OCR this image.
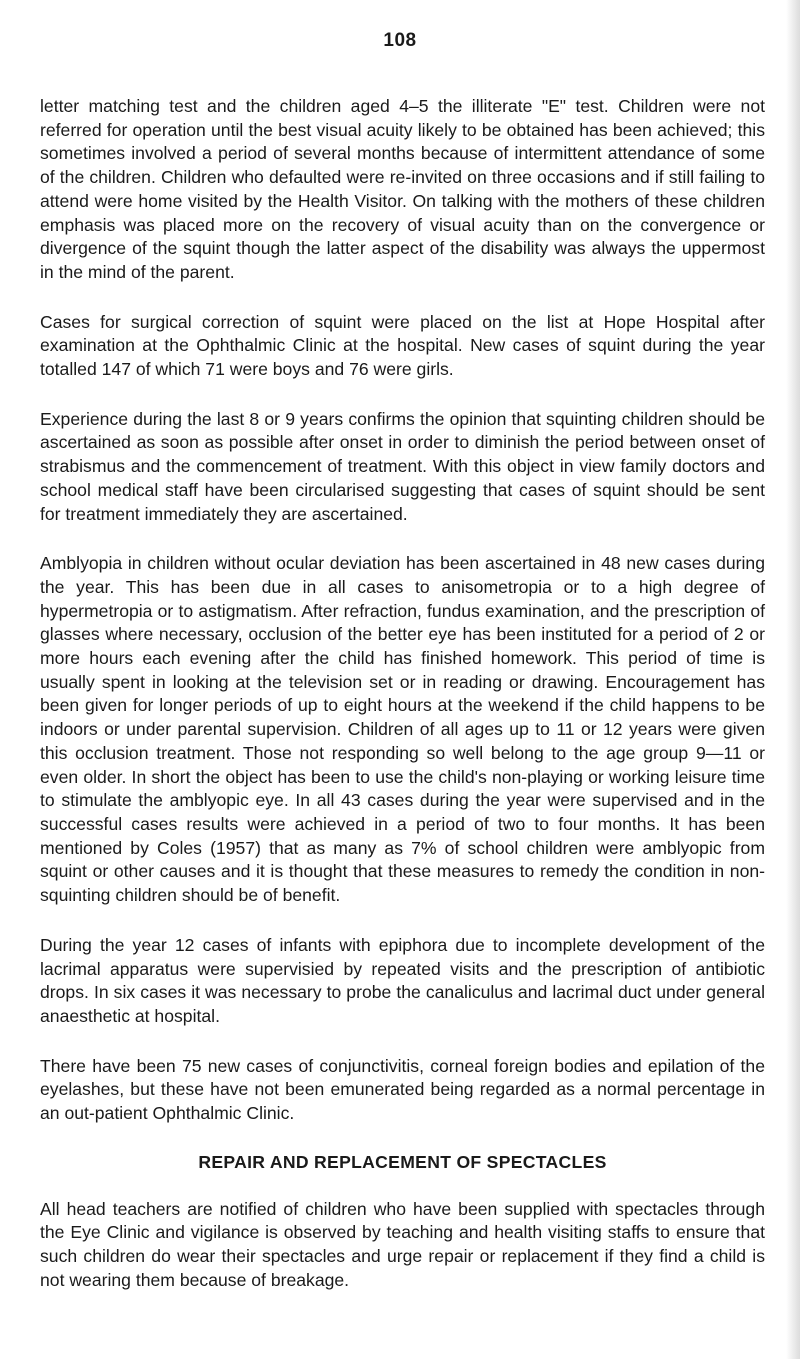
108

letter matching test and the children aged 4–5 the illiterate "E" test. Children were not referred for operation until the best visual acuity likely to be obtained has been achieved; this sometimes involved a period of several months because of intermittent attendance of some of the children. Children who defaulted were re-invited on three occasions and if still failing to attend were home visited by the Health Visitor. On talking with the mothers of these children emphasis was placed more on the recovery of visual acuity than on the convergence or divergence of the squint though the latter aspect of the disability was always the uppermost in the mind of the parent.

Cases for surgical correction of squint were placed on the list at Hope Hospital after examination at the Ophthalmic Clinic at the hospital. New cases of squint during the year totalled 147 of which 71 were boys and 76 were girls.

Experience during the last 8 or 9 years confirms the opinion that squinting children should be ascertained as soon as possible after onset in order to diminish the period between onset of strabismus and the commencement of treatment. With this object in view family doctors and school medical staff have been circularised suggesting that cases of squint should be sent for treatment immediately they are ascertained.

Amblyopia in children without ocular deviation has been ascertained in 48 new cases during the year. This has been due in all cases to anisometropia or to a high degree of hypermetropia or to astigmatism. After refraction, fundus examination, and the prescription of glasses where necessary, occlusion of the better eye has been instituted for a period of 2 or more hours each evening after the child has finished homework. This period of time is usually spent in looking at the television set or in reading or drawing. Encouragement has been given for longer periods of up to eight hours at the weekend if the child happens to be indoors or under parental supervision. Children of all ages up to 11 or 12 years were given this occlusion treatment. Those not responding so well belong to the age group 9—11 or even older. In short the object has been to use the child's non-playing or working leisure time to stimulate the amblyopic eye. In all 43 cases during the year were supervised and in the successful cases results were achieved in a period of two to four months. It has been mentioned by Coles (1957) that as many as 7% of school children were amblyopic from squint or other causes and it is thought that these measures to remedy the condition in non-squinting children should be of benefit.

During the year 12 cases of infants with epiphora due to incomplete development of the lacrimal apparatus were supervisied by repeated visits and the prescription of antibiotic drops. In six cases it was necessary to probe the canaliculus and lacrimal duct under general anaesthetic at hospital.

There have been 75 new cases of conjunctivitis, corneal foreign bodies and epilation of the eyelashes, but these have not been emunerated being regarded as a normal percentage in an out-patient Ophthalmic Clinic.

REPAIR AND REPLACEMENT OF SPECTACLES

All head teachers are notified of children who have been supplied with spectacles through the Eye Clinic and vigilance is observed by teaching and health visiting staffs to ensure that such children do wear their spectacles and urge repair or replacement if they find a child is not wearing them because of breakage.
